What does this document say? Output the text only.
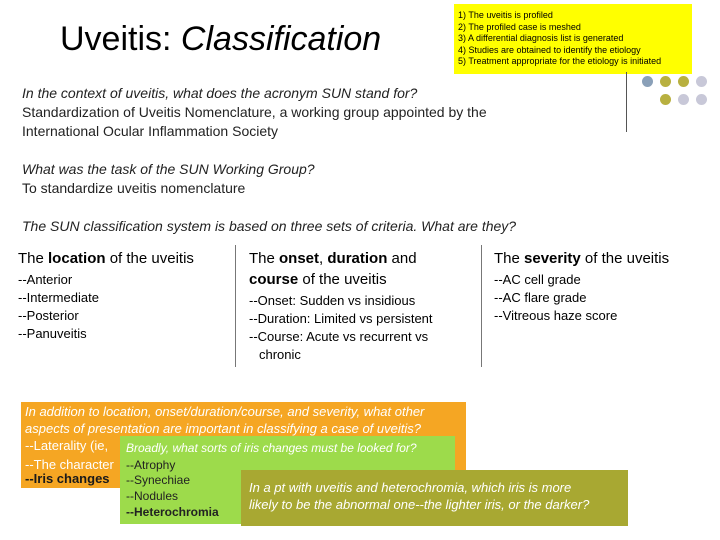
Uveitis: Classification
1) The uveitis is profiled
2) The profiled case is meshed
3) A differential diagnosis list is generated
4) Studies are obtained to identify the etiology
5) Treatment appropriate for the etiology is initiated
In the context of uveitis, what does the acronym SUN stand for?
Standardization of Uveitis Nomenclature, a working group appointed by the
International Ocular Inflammation Society
What was the task of the SUN Working Group?
To standardize uveitis nomenclature
The SUN classification system is based on three sets of criteria. What are they?
The location of the uveitis
--Anterior
--Intermediate
--Posterior
--Panuveitis
The onset, duration and
course of the uveitis
--Onset: Sudden vs insidious
--Duration: Limited vs persistent
--Course: Acute vs recurrent vs
chronic
The severity of the uveitis
--AC cell grade
--AC flare grade
--Vitreous haze score
In addition to location, onset/duration/course, and severity, what other
aspects of presentation are important in classifying a case of uveitis?
--Laterality (ie,
--The character
--Iris changes
Broadly, what sorts of iris changes must be looked for?
--Atrophy
--Synechiae
--Nodules
--Heterochromia
In a pt with uveitis and heterochromia, which iris is more
likely to be the abnormal one--the lighter iris, or the darker?
